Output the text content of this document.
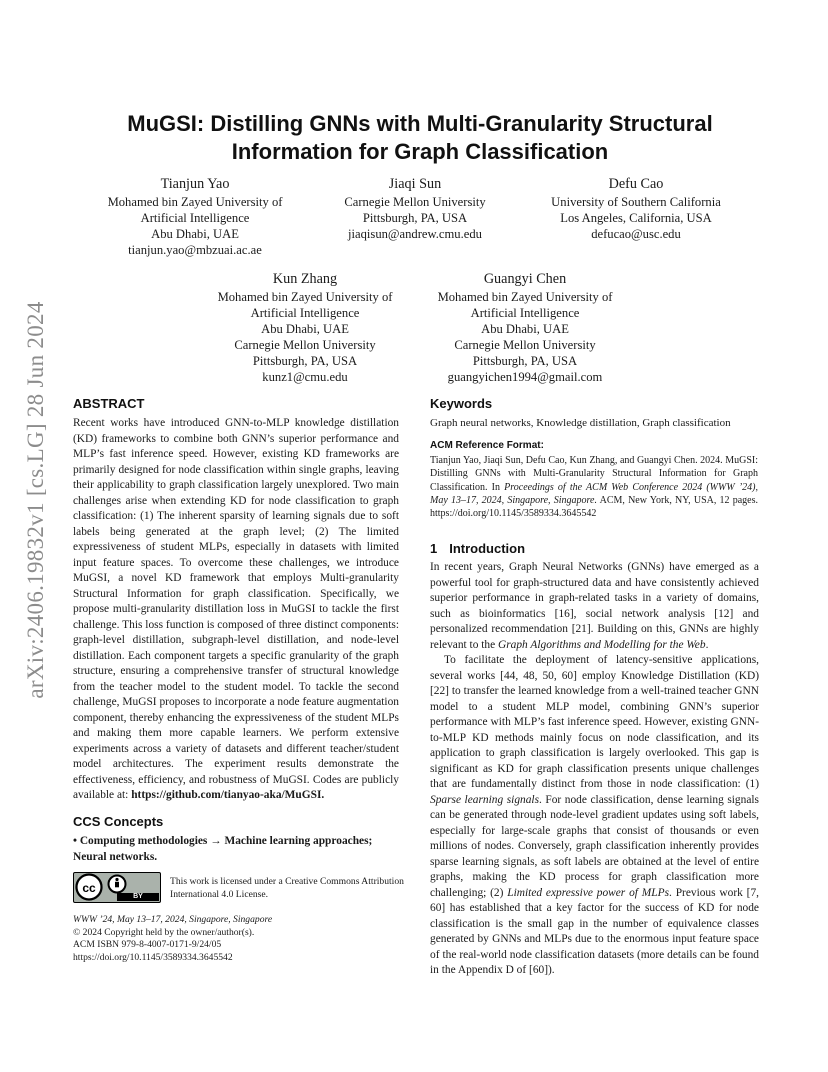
arXiv:2406.19832v1 [cs.LG] 28 Jun 2024
MuGSI: Distilling GNNs with Multi-Granularity Structural
Information for Graph Classification
Tianjun Yao
Mohamed bin Zayed University of
Artificial Intelligence
Abu Dhabi, UAE
tianjun.yao@mbzuai.ac.ae
Jiaqi Sun
Carnegie Mellon University
Pittsburgh, PA, USA
jiaqisun@andrew.cmu.edu
Defu Cao
University of Southern California
Los Angeles, California, USA
defucao@usc.edu
Kun Zhang
Mohamed bin Zayed University of
Artificial Intelligence
Abu Dhabi, UAE
Carnegie Mellon University
Pittsburgh, PA, USA
kunz1@cmu.edu
Guangyi Chen
Mohamed bin Zayed University of
Artificial Intelligence
Abu Dhabi, UAE
Carnegie Mellon University
Pittsburgh, PA, USA
guangyichen1994@gmail.com
ABSTRACT
Recent works have introduced GNN-to-MLP knowledge distillation (KD) frameworks to combine both GNN’s superior performance and MLP’s fast inference speed. However, existing KD frameworks are primarily designed for node classification within single graphs, leaving their applicability to graph classification largely unexplored. Two main challenges arise when extending KD for node classification to graph classification: (1) The inherent sparsity of learning signals due to soft labels being generated at the graph level; (2) The limited expressiveness of student MLPs, especially in datasets with limited input feature spaces. To overcome these challenges, we introduce MuGSI, a novel KD framework that employs Multi-granularity Structural Information for graph classification. Specifically, we propose multi-granularity distillation loss in MuGSI to tackle the first challenge. This loss function is composed of three distinct components: graph-level distillation, subgraph-level distillation, and node-level distillation. Each component targets a specific granularity of the graph structure, ensuring a comprehensive transfer of structural knowledge from the teacher model to the student model. To tackle the second challenge, MuGSI proposes to incorporate a node feature augmentation component, thereby enhancing the expressiveness of the student MLPs and making them more capable learners. We perform extensive experiments across a variety of datasets and different teacher/student model architectures. The experiment results demonstrate the effectiveness, efficiency, and robustness of MuGSI. Codes are publicly available at: https://github.com/tianyao-aka/MuGSI.
CCS Concepts
• Computing methodologies → Machine learning approaches;
Neural networks.
cc
BY
This work is licensed under a Creative Commons Attribution International 4.0 License.
WWW ’24, May 13–17, 2024, Singapore, Singapore
© 2024 Copyright held by the owner/author(s).
ACM ISBN 979-8-4007-0171-9/24/05
https://doi.org/10.1145/3589334.3645542
Keywords
Graph neural networks, Knowledge distillation, Graph classification
ACM Reference Format:
Tianjun Yao, Jiaqi Sun, Defu Cao, Kun Zhang, and Guangyi Chen. 2024. MuGSI: Distilling GNNs with Multi-Granularity Structural Information for Graph Classification. In Proceedings of the ACM Web Conference 2024 (WWW ’24), May 13–17, 2024, Singapore, Singapore. ACM, New York, NY, USA, 12 pages. https://doi.org/10.1145/3589334.3645542
1 Introduction
In recent years, Graph Neural Networks (GNNs) have emerged as a powerful tool for graph-structured data and have consistently achieved superior performance in graph-related tasks in a variety of domains, such as bioinformatics [16], social network analysis [12] and personalized recommendation [21]. Building on this, GNNs are highly relevant to the Graph Algorithms and Modelling for the Web.
To facilitate the deployment of latency-sensitive applications, several works [44, 48, 50, 60] employ Knowledge Distillation (KD) [22] to transfer the learned knowledge from a well-trained teacher GNN model to a student MLP model, combining GNN’s superior performance with MLP’s fast inference speed. However, existing GNN-to-MLP KD methods mainly focus on node classification, and its application to graph classification is largely overlooked. This gap is significant as KD for graph classification presents unique challenges that are fundamentally distinct from those in node classification: (1) Sparse learning signals. For node classification, dense learning signals can be generated through node-level gradient updates using soft labels, especially for large-scale graphs that consist of thousands or even millions of nodes. Conversely, graph classification inherently provides sparse learning signals, as soft labels are obtained at the level of entire graphs, making the KD process for graph classification more challenging; (2) Limited expressive power of MLPs. Previous work [7, 60] has established that a key factor for the success of KD for node classification is the small gap in the number of equivalence classes generated by GNNs and MLPs due to the enormous input feature space of the real-world node classification datasets (more details can be found in the Appendix D of [60]).
